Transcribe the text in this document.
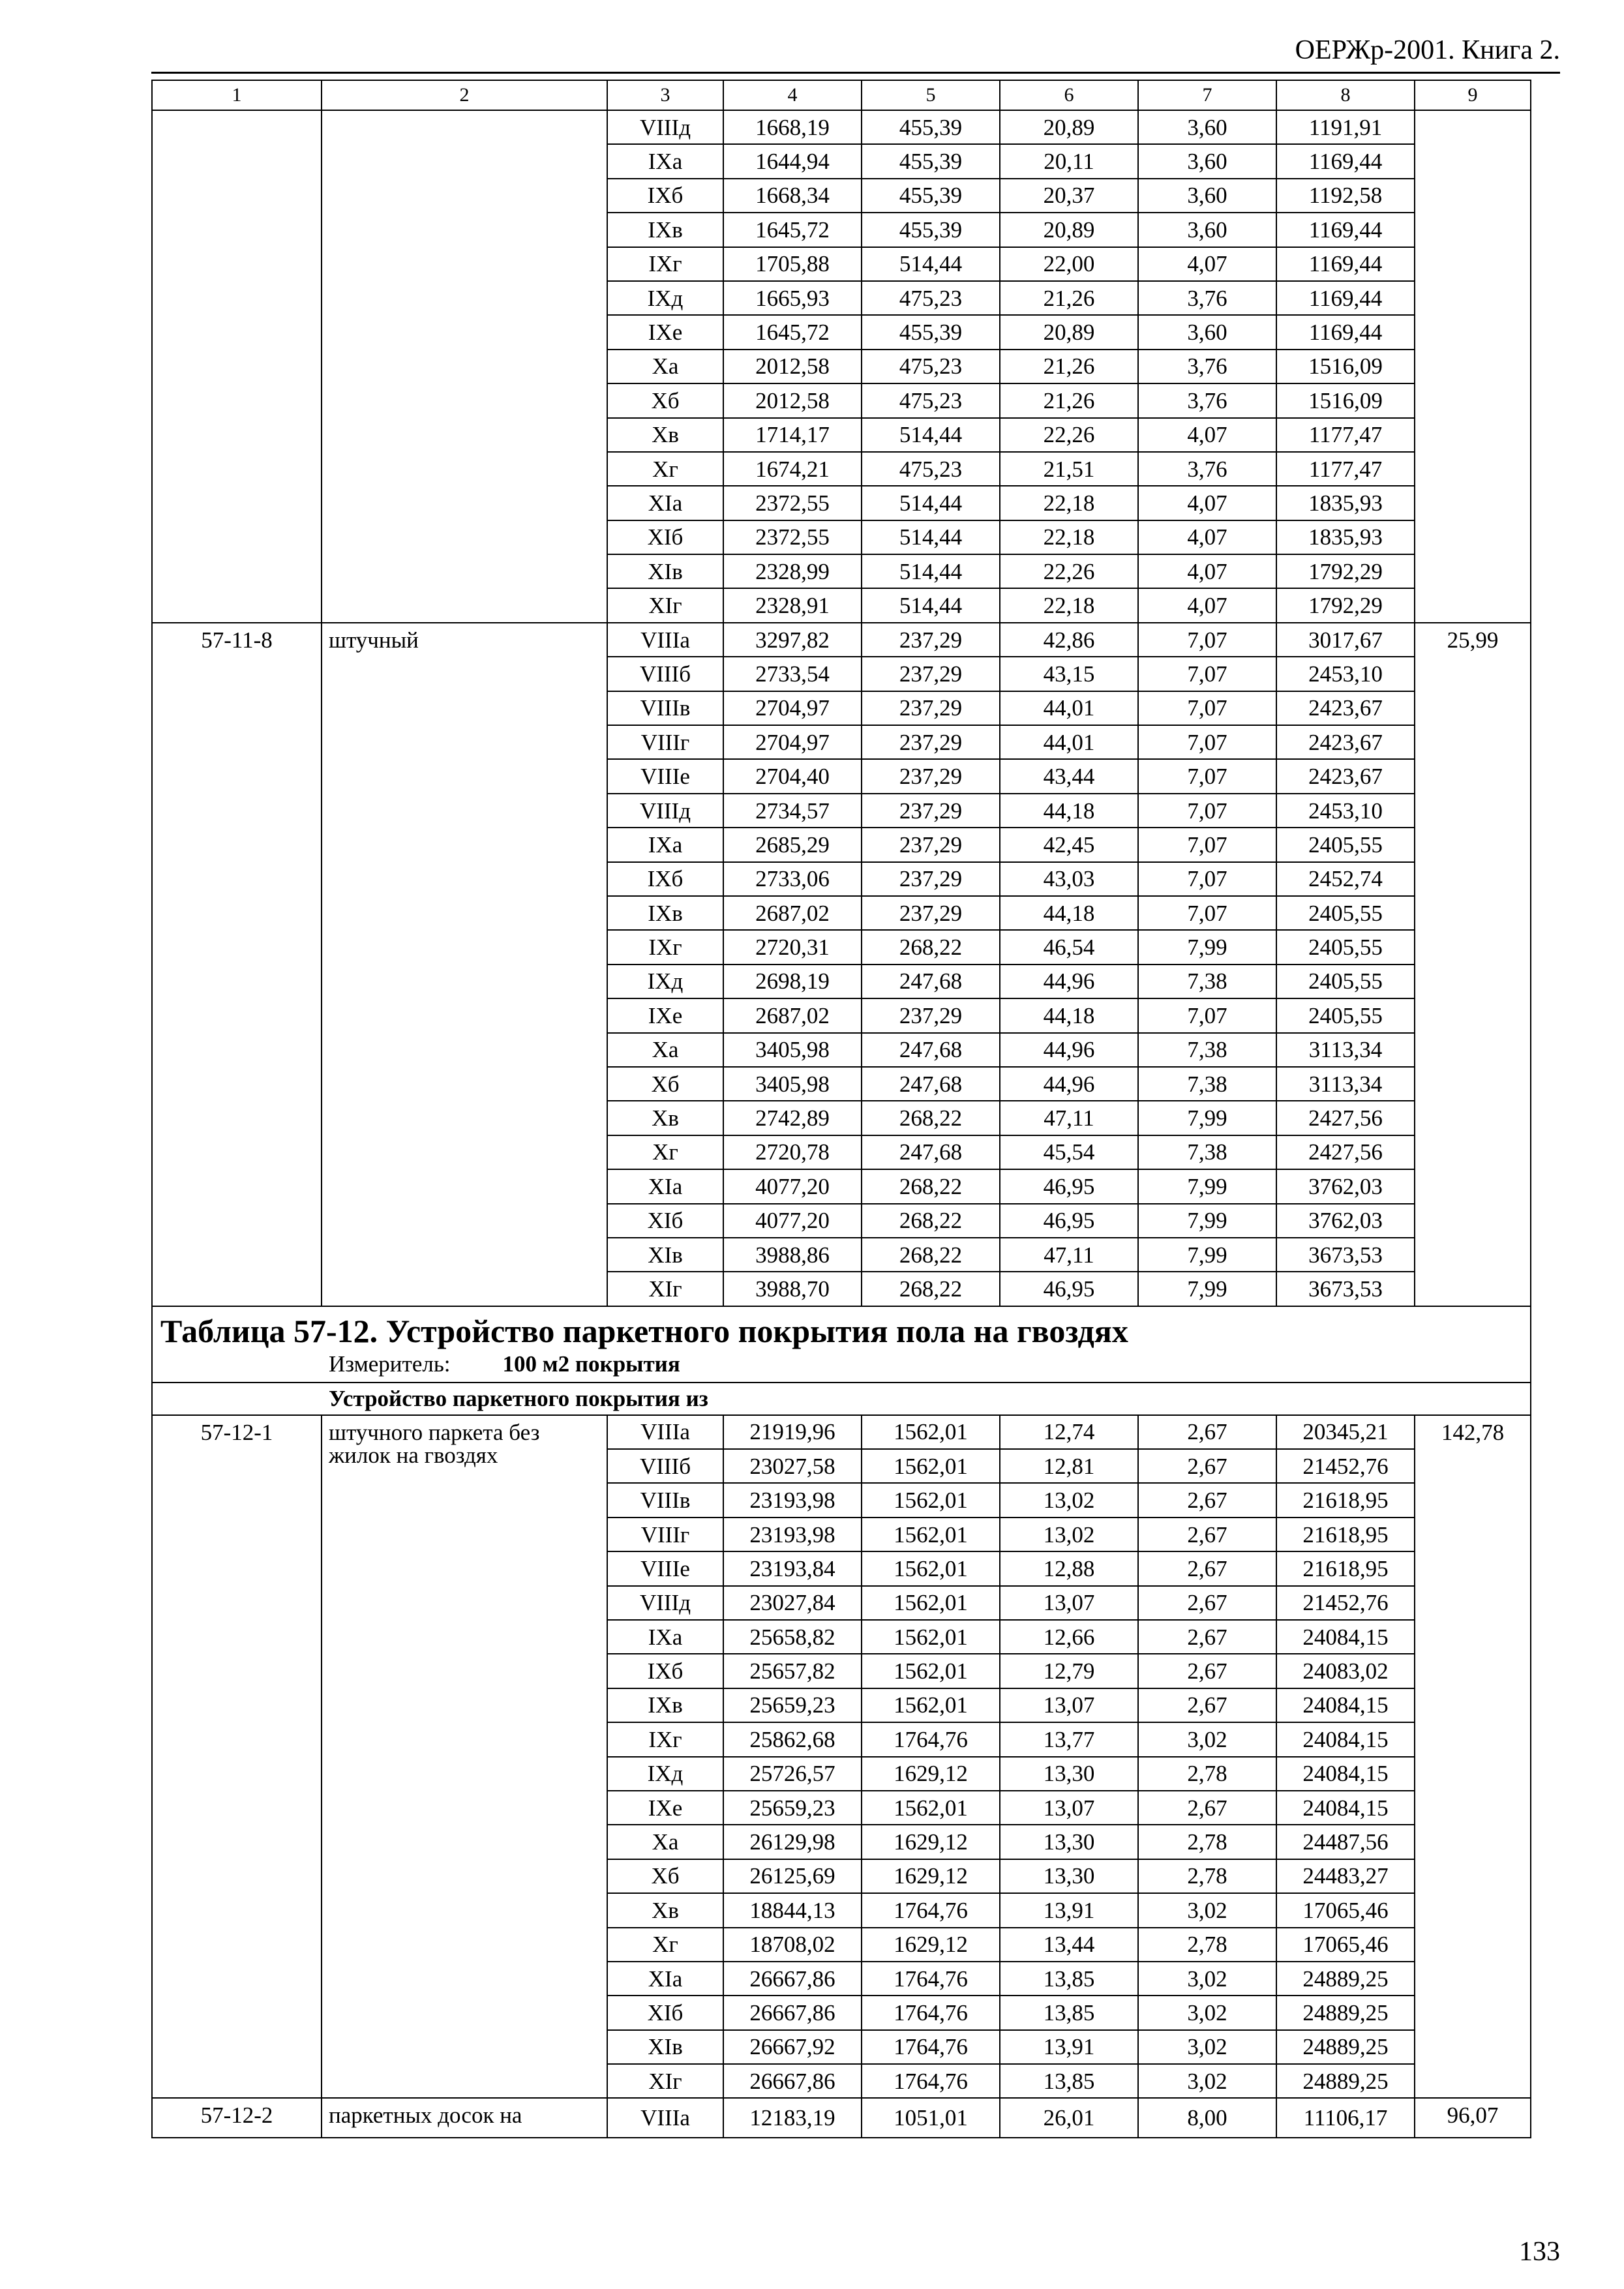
ОЕРЖр-2001. Книга 2.
1	2	3	4	5	6	7	8	9
		VIIIд	1668,19	455,39	20,89	3,60	1191,91	
		IXа	1644,94	455,39	20,11	3,60	1169,44	
		IXб	1668,34	455,39	20,37	3,60	1192,58	
		IXв	1645,72	455,39	20,89	3,60	1169,44	
		IXг	1705,88	514,44	22,00	4,07	1169,44	
		IXд	1665,93	475,23	21,26	3,76	1169,44	
		IXе	1645,72	455,39	20,89	3,60	1169,44	
		Xа	2012,58	475,23	21,26	3,76	1516,09	
		Xб	2012,58	475,23	21,26	3,76	1516,09	
		Xв	1714,17	514,44	22,26	4,07	1177,47	
		Xг	1674,21	475,23	21,51	3,76	1177,47	
		XIа	2372,55	514,44	22,18	4,07	1835,93	
		XIб	2372,55	514,44	22,18	4,07	1835,93	
		XIв	2328,99	514,44	22,26	4,07	1792,29	
		XIг	2328,91	514,44	22,18	4,07	1792,29	
57-11-8	штучный	VIIIа	3297,82	237,29	42,86	7,07	3017,67	25,99
		VIIIб	2733,54	237,29	43,15	7,07	2453,10	
		VIIIв	2704,97	237,29	44,01	7,07	2423,67	
		VIIIг	2704,97	237,29	44,01	7,07	2423,67	
		VIIIе	2704,40	237,29	43,44	7,07	2423,67	
		VIIIд	2734,57	237,29	44,18	7,07	2453,10	
		IXа	2685,29	237,29	42,45	7,07	2405,55	
		IXб	2733,06	237,29	43,03	7,07	2452,74	
		IXв	2687,02	237,29	44,18	7,07	2405,55	
		IXг	2720,31	268,22	46,54	7,99	2405,55	
		IXд	2698,19	247,68	44,96	7,38	2405,55	
		IXе	2687,02	237,29	44,18	7,07	2405,55	
		Xа	3405,98	247,68	44,96	7,38	3113,34	
		Xб	3405,98	247,68	44,96	7,38	3113,34	
		Xв	2742,89	268,22	47,11	7,99	2427,56	
		Xг	2720,78	247,68	45,54	7,38	2427,56	
		XIа	4077,20	268,22	46,95	7,99	3762,03	
		XIб	4077,20	268,22	46,95	7,99	3762,03	
		XIв	3988,86	268,22	47,11	7,99	3673,53	
		XIг	3988,70	268,22	46,95	7,99	3673,53	

Таблица 57-12. Устройство паркетного покрытия пола на гвоздях
Измеритель: 100 м2 покрытия								

Устройство паркетного покрытия из								
57-12-1	штучного паркета без жилок на гвоздях	VIIIа	21919,96	1562,01	12,74	2,67	20345,21	142,78
		VIIIб	23027,58	1562,01	12,81	2,67	21452,76	
		VIIIв	23193,98	1562,01	13,02	2,67	21618,95	
		VIIIг	23193,98	1562,01	13,02	2,67	21618,95	
		VIIIе	23193,84	1562,01	12,88	2,67	21618,95	
		VIIIд	23027,84	1562,01	13,07	2,67	21452,76	
		IXа	25658,82	1562,01	12,66	2,67	24084,15	
		IXб	25657,82	1562,01	12,79	2,67	24083,02	
		IXв	25659,23	1562,01	13,07	2,67	24084,15	
		IXг	25862,68	1764,76	13,77	3,02	24084,15	
		IXд	25726,57	1629,12	13,30	2,78	24084,15	
		IXе	25659,23	1562,01	13,07	2,67	24084,15	
		Xа	26129,98	1629,12	13,30	2,78	24487,56	
		Xб	26125,69	1629,12	13,30	2,78	24483,27	
		Xв	18844,13	1764,76	13,91	3,02	17065,46	
		Xг	18708,02	1629,12	13,44	2,78	17065,46	
		XIа	26667,86	1764,76	13,85	3,02	24889,25	
		XIб	26667,86	1764,76	13,85	3,02	24889,25	
		XIв	26667,92	1764,76	13,91	3,02	24889,25	
		XIг	26667,86	1764,76	13,85	3,02	24889,25	
57-12-2	паркетных досок на	VIIIа	12183,19	1051,01	26,01	8,00	11106,17	96,07
133
